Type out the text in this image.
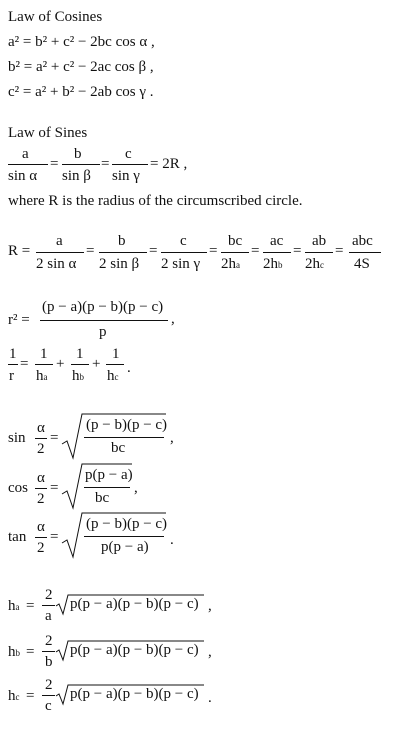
Law of Cosines
a² = b² + c² − 2bc cos α ,
b² = a² + c² − 2ac cos β ,
c² = a² + b² − 2ab cos γ .
Law of Sines
a
sin α
=
b
sin β
=
c
sin γ
= 2R ,
where R is the radius of the circumscribed circle.
R =
a
2 sin α
=
b
2 sin β
=
c
2 sin γ
=
bc
2ha
=
ac
2hb
=
ab
2hc
=
abc
4S
r² =
(p − a)(p − b)(p − c)
p
,
1
r
=
1
ha
+
1
hb
+
1
hc
.
sin
α
2
=
(p − b)(p − c)
bc
,
cos
α
2
=
p(p − a)
bc
,
tan
α
2
=
(p − b)(p − c)
p(p − a) .
ha =
2
a
p(p − a)(p − b)(p − c) ,
hb =
2
b
p(p − a)(p − b)(p − c) ,
hc =
2
c
p(p − a)(p − b)(p − c) .
